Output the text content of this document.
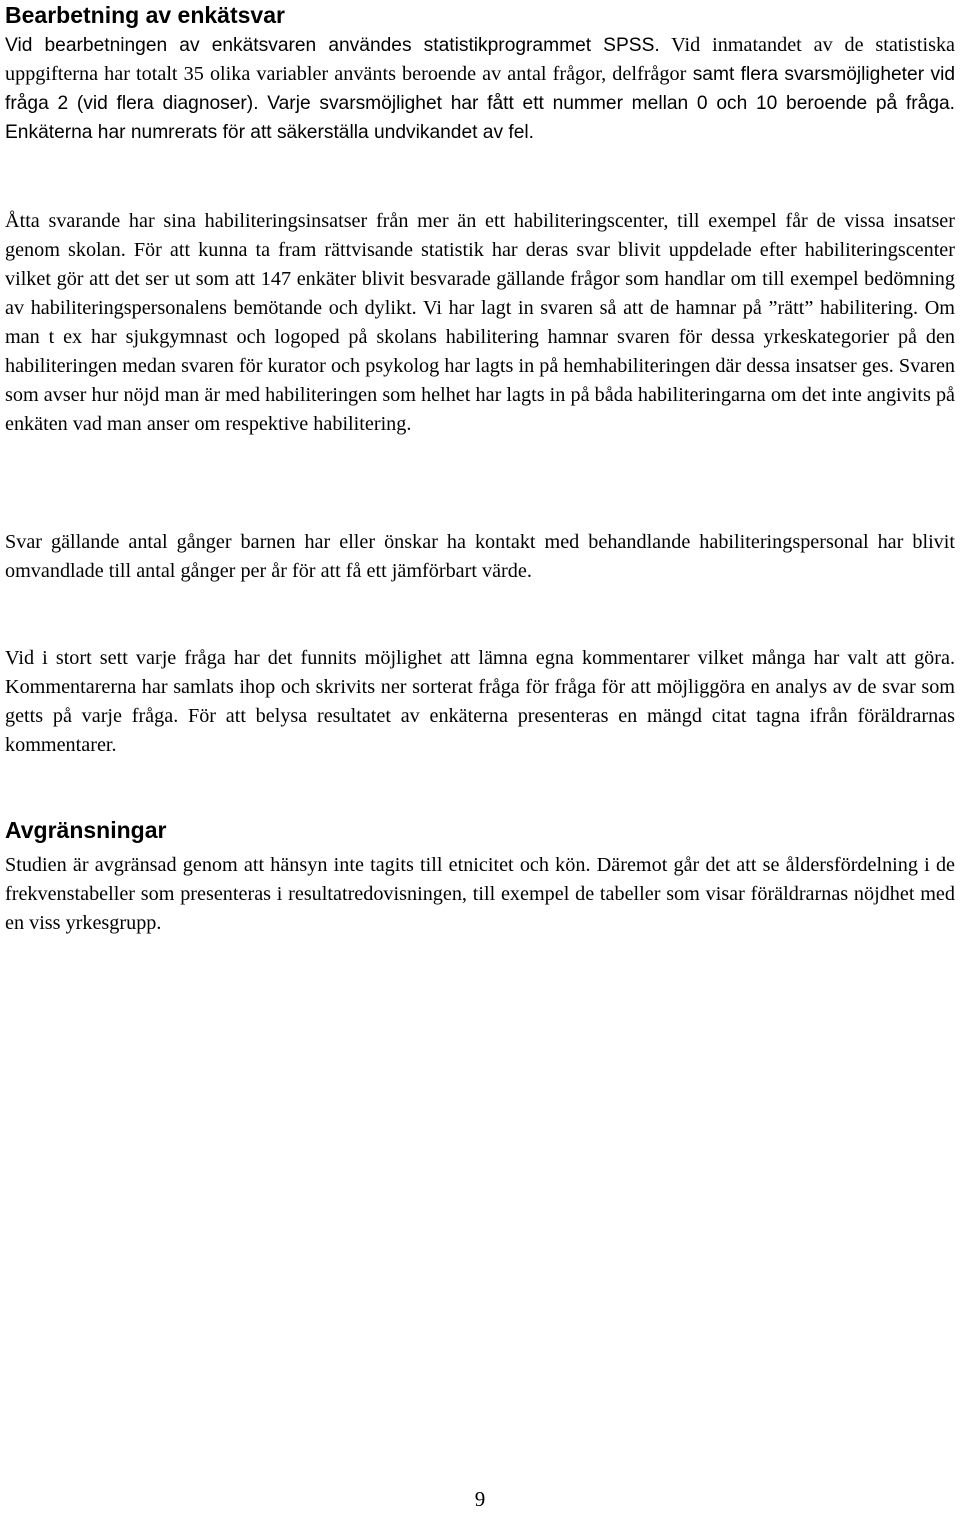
Bearbetning av enkätsvar

Vid bearbetningen av enkätsvaren användes statistikprogrammet SPSS. Vid inmatandet av de statistiska uppgifterna har totalt 35 olika variabler använts beroende av antal frågor, delfrågor samt flera svarsmöjligheter vid fråga 2 (vid flera diagnoser). Varje svarsmöjlighet har fått ett nummer mellan 0 och 10 beroende på fråga. Enkäterna har numrerats för att säkerställa undvikandet av fel.

Åtta svarande har sina habiliteringsinsatser från mer än ett habiliteringscenter, till exempel får de vissa insatser genom skolan. För att kunna ta fram rättvisande statistik har deras svar blivit uppdelade efter habiliteringscenter vilket gör att det ser ut som att 147 enkäter blivit besvarade gällande frågor som handlar om till exempel bedömning av habiliteringspersonalens bemötande och dylikt. Vi har lagt in svaren så att de hamnar på ”rätt” habilitering. Om man t ex har sjukgymnast och logoped på skolans habilitering hamnar svaren för dessa yrkeskategorier på den habiliteringen medan svaren för kurator och psykolog har lagts in på hemhabiliteringen där dessa insatser ges. Svaren som avser hur nöjd man är med habiliteringen som helhet har lagts in på båda habiliteringarna om det inte angivits på enkäten vad man anser om respektive habilitering.

Svar gällande antal gånger barnen har eller önskar ha kontakt med behandlande habiliteringspersonal har blivit omvandlade till antal gånger per år för att få ett jämförbart värde.

Vid i stort sett varje fråga har det funnits möjlighet att lämna egna kommentarer vilket många har valt att göra. Kommentarerna har samlats ihop och skrivits ner sorterat fråga för fråga för att möjliggöra en analys av de svar som getts på varje fråga. För att belysa resultatet av enkäterna presenteras en mängd citat tagna ifrån föräldrarnas kommentarer.

Avgränsningar

Studien är avgränsad genom att hänsyn inte tagits till etnicitet och kön. Däremot går det att se åldersfördelning i de frekvenstabeller som presenteras i resultatredovisningen, till exempel de tabeller som visar föräldrarnas nöjdhet med en viss yrkesgrupp.

9
